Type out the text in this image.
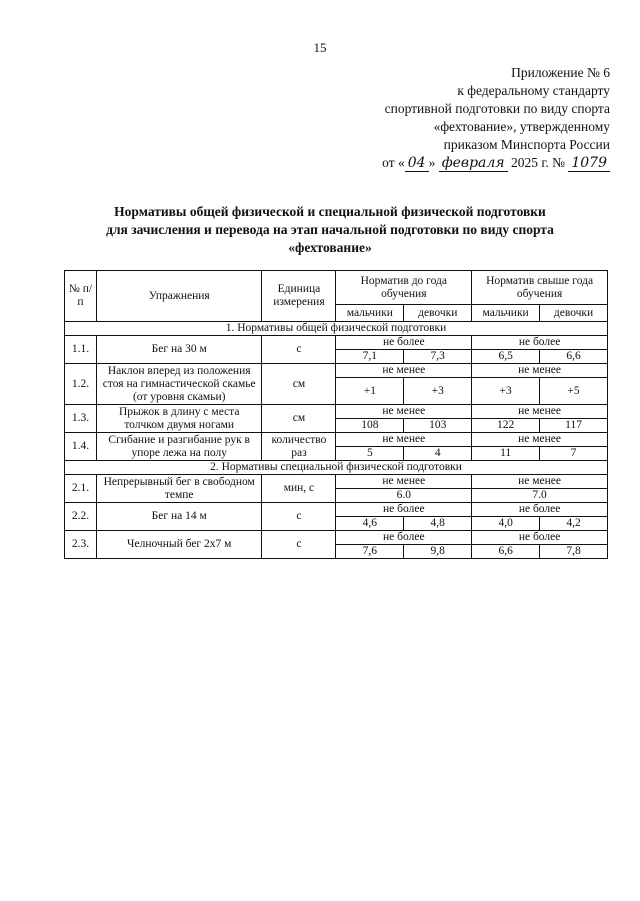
15
Приложение № 6
к федеральному стандарту
спортивной подготовки по виду спорта
«фехтование», утвержденному
приказом Минспорта России
от « 04 » февраля 2025 г. № 1079
Нормативы общей физической и специальной физической подготовки
для зачисления и перевода на этап начальной подготовки по виду спорта
«фехтование»
№ п/п	Упражнения	Единица измерения	Норматив до года обучения		Норматив свыше года обучения	
			мальчики	девочки	мальчики	девочки
1. Нормативы общей физической подготовки						
1.1.	Бег на 30 м	с	не более		не более	
			7,1	7,3	6,5	6,6
1.2.	Наклон вперед из положения стоя на гимнастической скамье (от уровня скамьи)	см	не менее		не менее	
			+1	+3	+3	+5
1.3.	Прыжок в длину с места толчком двумя ногами	см	не менее		не менее	
			108	103	122	117
1.4.	Сгибание и разгибание рук в упоре лежа на полу	количество раз	не менее		не менее	
			5	4	11	7
2. Нормативы специальной физической подготовки						
2.1.	Непрерывный бег в свободном темпе	мин, с	не менее		не менее	
			6.0		7.0	
2.2.	Бег на 14 м	с	не более		не более	
			4,6	4,8	4,0	4,2
2.3.	Челночный бег 2х7 м	с	не более		не более	
			7,6	9,8	6,6	7,8
